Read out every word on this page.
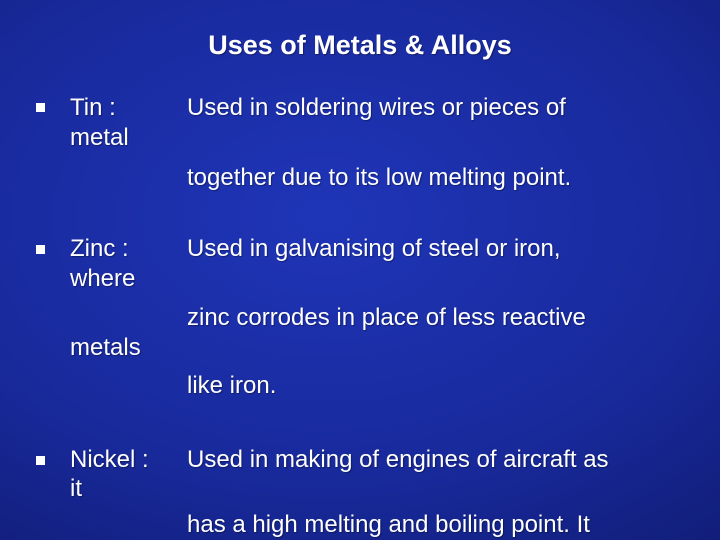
Uses of Metals & Alloys
Tin :
metal
Used in soldering wires or pieces of
together due to its low melting point.
Zinc :
where
metals
Used in galvanising of steel or iron,
zinc corrodes in place of less reactive
like iron.
Nickel :
it
Used in making of engines of aircraft as
has a high melting and boiling point. It
